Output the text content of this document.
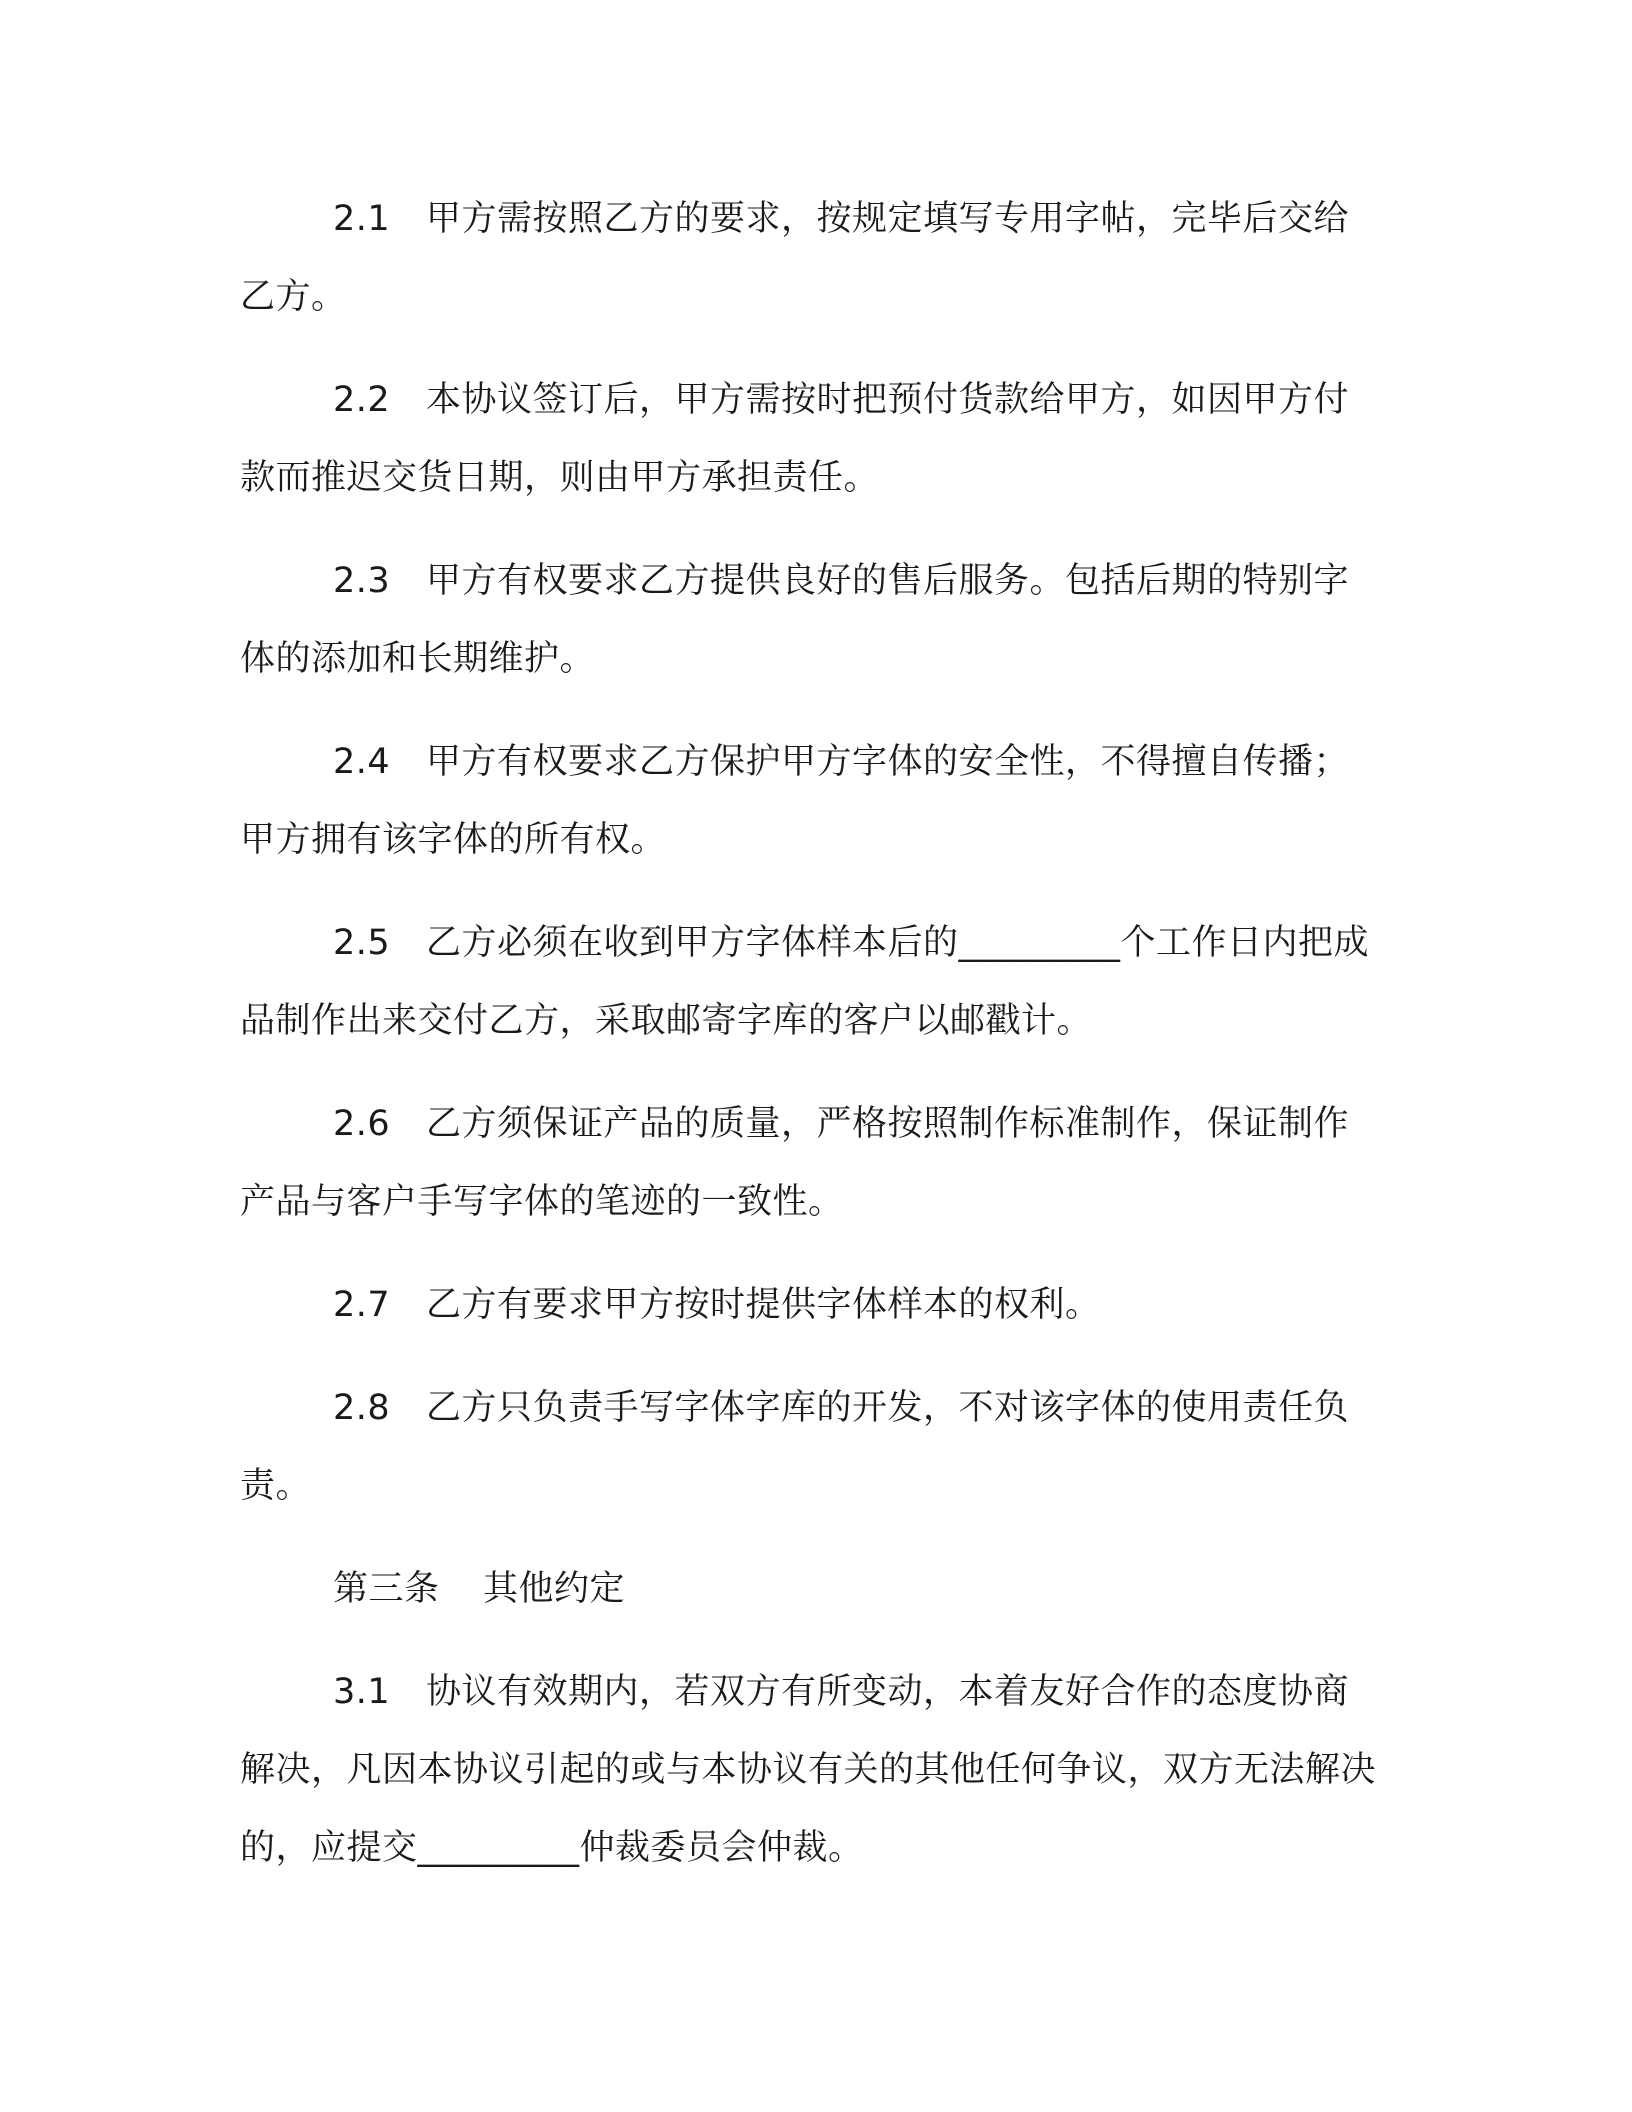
2.1 甲方需按照乙方的要求，按规定填写专用字帖，完毕后交给乙方。

2.2 本协议签订后，甲方需按时把预付货款给甲方，如因甲方付款而推迟交货日期，则由甲方承担责任。

2.3 甲方有权要求乙方提供良好的售后服务。包括后期的特别字体的添加和长期维护。

2.4 甲方有权要求乙方保护甲方字体的安全性，不得擅自传播；甲方拥有该字体的所有权。

2.5 乙方必须在收到甲方字体样本后的_________个工作日内把成品制作出来交付乙方，采取邮寄字库的客户以邮戳计。

2.6 乙方须保证产品的质量，严格按照制作标准制作，保证制作产品与客户手写字体的笔迹的一致性。

2.7 乙方有要求甲方按时提供字体样本的权利。

2.8 乙方只负责手写字体字库的开发，不对该字体的使用责任负责。

第三条 其他约定

3.1 协议有效期内，若双方有所变动，本着友好合作的态度协商解决，凡因本协议引起的或与本协议有关的其他任何争议，双方无法解决的，应提交_________仲裁委员会仲裁。
